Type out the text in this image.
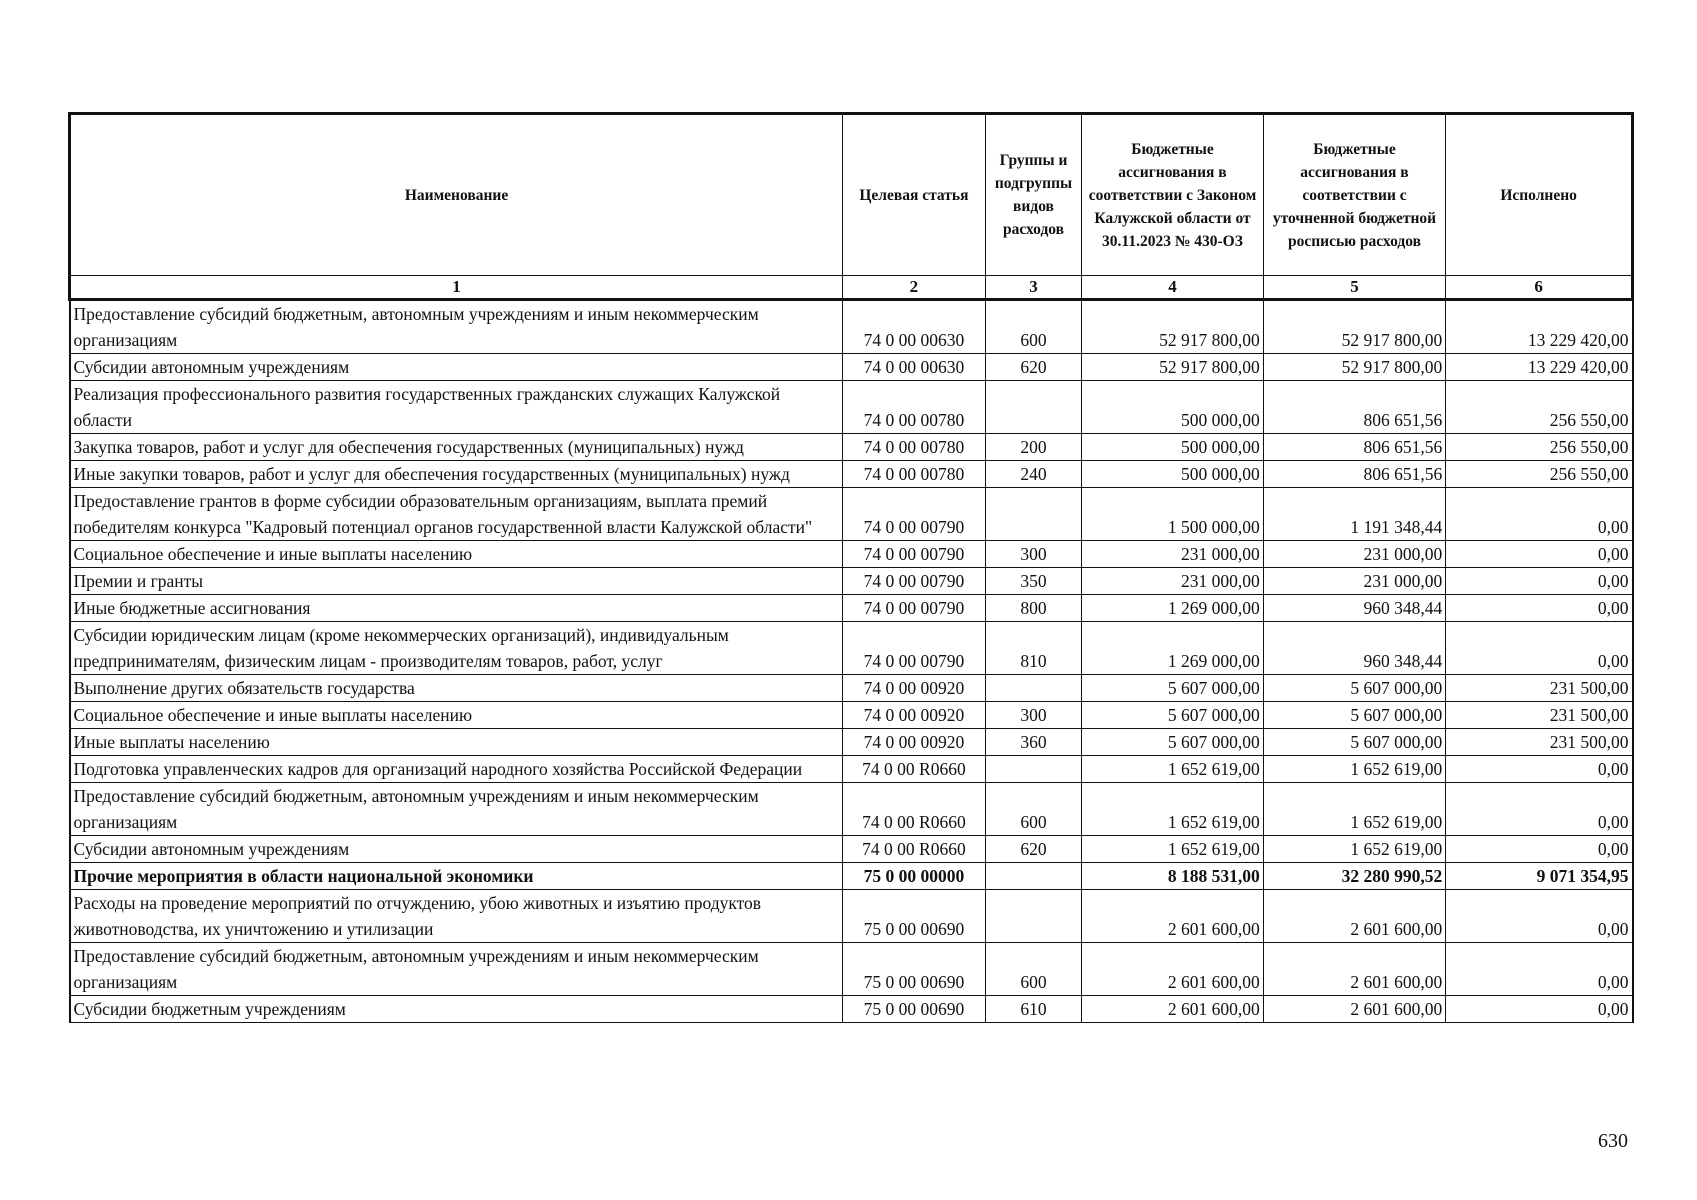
Наименование	Целевая статья	Группы и подгруппы видов расходов	Бюджетные ассигнования в соответствии с Законом Калужской области от 30.11.2023 № 430-ОЗ	Бюджетные ассигнования в соответствии с уточненной бюджетной росписью расходов	Исполнено
1	2	3	4	5	6
Предоставление субсидий бюджетным, автономным учреждениям и иным некоммерческим организациям	74 0 00 00630	600	52 917 800,00	52 917 800,00	13 229 420,00
Субсидии автономным учреждениям	74 0 00 00630	620	52 917 800,00	52 917 800,00	13 229 420,00
Реализация профессионального развития государственных гражданских служащих Калужской области	74 0 00 00780		500 000,00	806 651,56	256 550,00
Закупка товаров, работ и услуг для обеспечения государственных (муниципальных) нужд	74 0 00 00780	200	500 000,00	806 651,56	256 550,00
Иные закупки товаров, работ и услуг для обеспечения государственных (муниципальных) нужд	74 0 00 00780	240	500 000,00	806 651,56	256 550,00
Предоставление грантов в форме субсидии образовательным организациям, выплата премий победителям конкурса "Кадровый потенциал органов государственной власти Калужской области"	74 0 00 00790		1 500 000,00	1 191 348,44	0,00
Социальное обеспечение и иные выплаты населению	74 0 00 00790	300	231 000,00	231 000,00	0,00
Премии и гранты	74 0 00 00790	350	231 000,00	231 000,00	0,00
Иные бюджетные ассигнования	74 0 00 00790	800	1 269 000,00	960 348,44	0,00
Субсидии юридическим лицам (кроме некоммерческих организаций), индивидуальным предпринимателям, физическим лицам - производителям товаров, работ, услуг	74 0 00 00790	810	1 269 000,00	960 348,44	0,00
Выполнение других обязательств государства	74 0 00 00920		5 607 000,00	5 607 000,00	231 500,00
Социальное обеспечение и иные выплаты населению	74 0 00 00920	300	5 607 000,00	5 607 000,00	231 500,00
Иные выплаты населению	74 0 00 00920	360	5 607 000,00	5 607 000,00	231 500,00
Подготовка управленческих кадров для организаций народного хозяйства Российской Федерации	74 0 00 R0660		1 652 619,00	1 652 619,00	0,00
Предоставление субсидий бюджетным, автономным учреждениям и иным некоммерческим организациям	74 0 00 R0660	600	1 652 619,00	1 652 619,00	0,00
Субсидии автономным учреждениям	74 0 00 R0660	620	1 652 619,00	1 652 619,00	0,00
Прочие мероприятия в области национальной экономики	75 0 00 00000		8 188 531,00	32 280 990,52	9 071 354,95
Расходы на проведение мероприятий по отчуждению, убою животных и изъятию продуктов животноводства, их уничтожению и утилизации	75 0 00 00690		2 601 600,00	2 601 600,00	0,00
Предоставление субсидий бюджетным, автономным учреждениям и иным некоммерческим организациям	75 0 00 00690	600	2 601 600,00	2 601 600,00	0,00
Субсидии бюджетным учреждениям	75 0 00 00690	610	2 601 600,00	2 601 600,00	0,00
630
